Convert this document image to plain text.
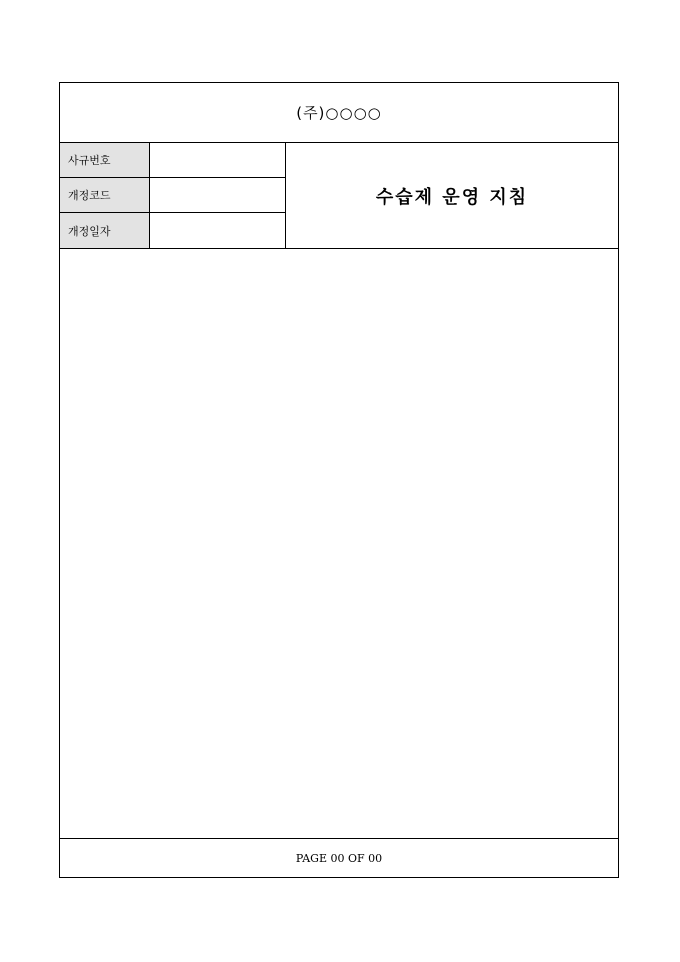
(주)○○○○
사규번호
개정코드
개정일자
수습제 운영 지침
PAGE 00 OF 00
